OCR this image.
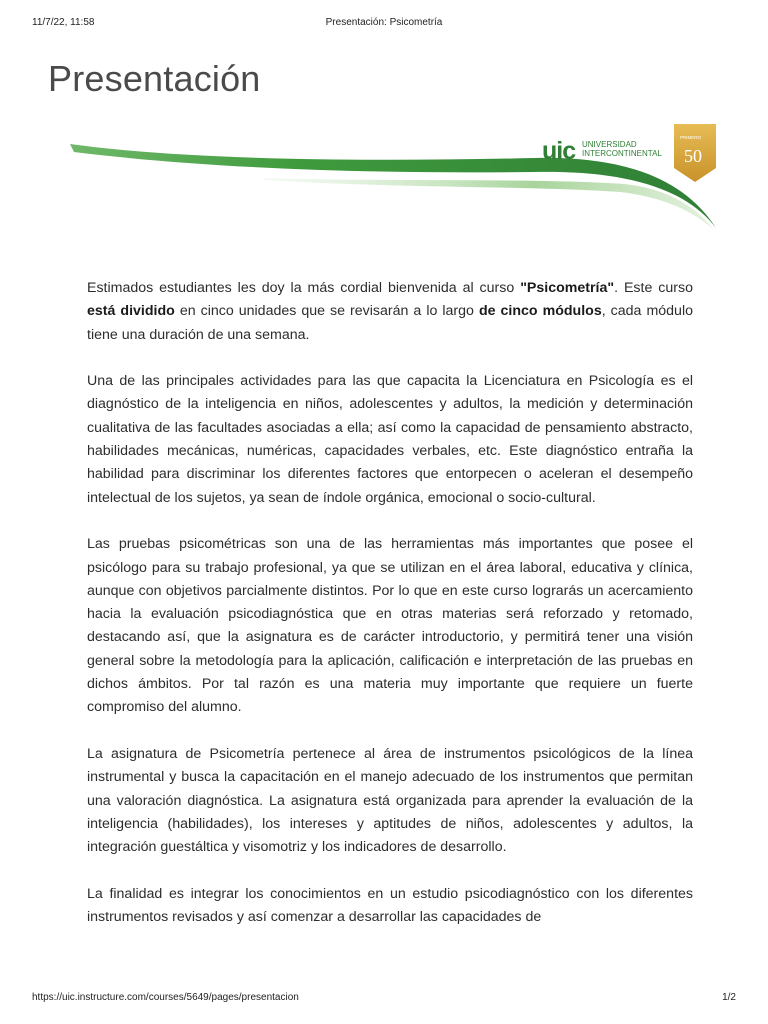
11/7/22, 11:58	Presentación: Psicometría
Presentación
uic UNIVERSIDAD
INTERCONTINENTAL
PRIMERO
50

Estimados estudiantes les doy la más cordial bienvenida al curso "Psicometría". Este curso está dividido en cinco unidades que se revisarán a lo largo de cinco módulos, cada módulo tiene una duración de una semana.

Una de las principales actividades para las que capacita la Licenciatura en Psicología es el diagnóstico de la inteligencia en niños, adolescentes y adultos, la medición y determinación cualitativa de las facultades asociadas a ella; así como la capacidad de pensamiento abstracto, habilidades mecánicas, numéricas, capacidades verbales, etc. Este diagnóstico entraña la habilidad para discriminar los diferentes factores que entorpecen o aceleran el desempeño intelectual de los sujetos, ya sean de índole orgánica, emocional o socio-cultural.

Las pruebas psicométricas son una de las herramientas más importantes que posee el psicólogo para su trabajo profesional, ya que se utilizan en el área laboral, educativa y clínica, aunque con objetivos parcialmente distintos. Por lo que en este curso lograrás un acercamiento hacia la evaluación psicodiagnóstica que en otras materias será reforzado y retomado, destacando así, que la asignatura es de carácter introductorio, y permitirá tener una visión general sobre la metodología para la aplicación, calificación e interpretación de las pruebas en dichos ámbitos. Por tal razón es una materia muy importante que requiere un fuerte compromiso del alumno.

La asignatura de Psicometría pertenece al área de instrumentos psicológicos de la línea instrumental y busca la capacitación en el manejo adecuado de los instrumentos que permitan una valoración diagnóstica. La asignatura está organizada para aprender la evaluación de la inteligencia (habilidades), los intereses y aptitudes de niños, adolescentes y adultos, la integración guestáltica y visomotriz y los indicadores de desarrollo.

La finalidad es integrar los conocimientos en un estudio psicodiagnóstico con los diferentes instrumentos revisados y así comenzar a desarrollar las capacidades de

https://uic.instructure.com/courses/5649/pages/presentacion	1/2
